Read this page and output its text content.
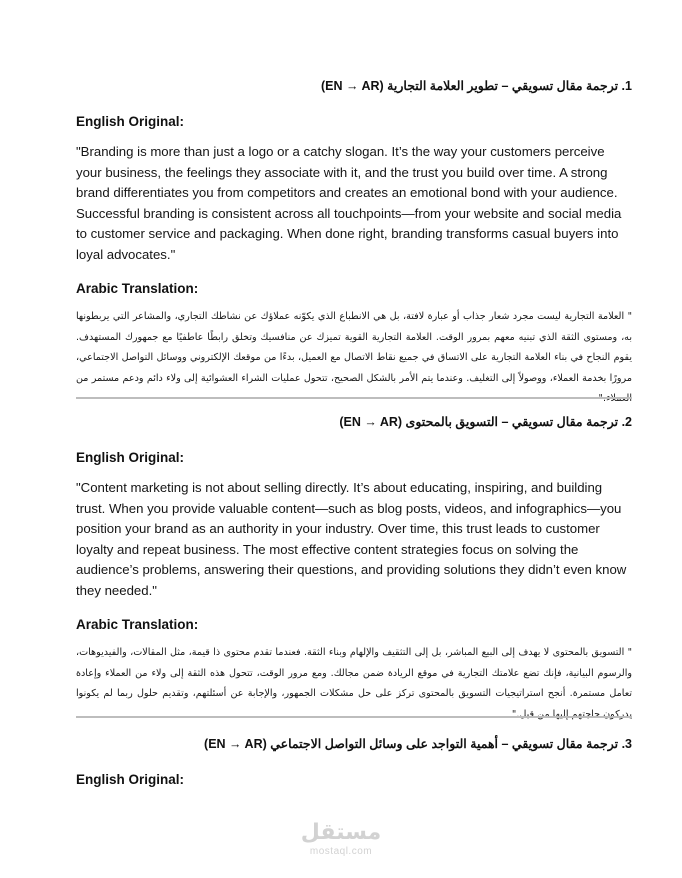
1. ترجمة مقال تسويقي – تطوير العلامة التجارية (EN → AR)

English Original:

"Branding is more than just a logo or a catchy slogan. It’s the way your customers perceive your business, the feelings they associate with it, and the trust you build over time. A strong brand differentiates you from competitors and creates an emotional bond with your audience. Successful branding is consistent across all touchpoints—from your website and social media to customer service and packaging. When done right, branding transforms casual buyers into loyal advocates."

Arabic Translation:

" العلامة التجارية ليست مجرد شعار جذاب أو عبارة لافتة، بل هي الانطباع الذي يكوّنه عملاؤك عن نشاطك التجاري، والمشاعر التي يربطونها به، ومستوى الثقة الذي تبنيه معهم بمرور الوقت. العلامة التجارية القوية تميزك عن منافسيك وتخلق رابطًا عاطفيًا مع جمهورك المستهدف. يقوم النجاح في بناء العلامة التجارية على الاتساق في جميع نقاط الاتصال مع العميل، بدءًا من موقعك الإلكتروني ووسائل التواصل الاجتماعي، مرورًا بخدمة العملاء، ووصولاً إلى التغليف. وعندما يتم الأمر بالشكل الصحيح، تتحول عمليات الشراء العشوائية إلى ولاء دائم ودعم مستمر من العملاء."

2. ترجمة مقال تسويقي – التسويق بالمحتوى (EN → AR)

English Original:

"Content marketing is not about selling directly. It’s about educating, inspiring, and building trust. When you provide valuable content—such as blog posts, videos, and infographics—you position your brand as an authority in your industry. Over time, this trust leads to customer loyalty and repeat business. The most effective content strategies focus on solving the audience’s problems, answering their questions, and providing solutions they didn’t even know they needed."

Arabic Translation:

" التسويق بالمحتوى لا يهدف إلى البيع المباشر، بل إلى التثقيف والإلهام وبناء الثقة. فعندما تقدم محتوى ذا قيمة، مثل المقالات، والفيديوهات، والرسوم البيانية، فإنك تضع علامتك التجارية في موقع الريادة ضمن مجالك. ومع مرور الوقت، تتحول هذه الثقة إلى ولاء من العملاء وإعادة تعامل مستمرة. أنجح استراتيجيات التسويق بالمحتوى تركز على حل مشكلات الجمهور، والإجابة عن أسئلتهم، وتقديم حلول ربما لم يكونوا يدركون حاجتهم إليها من قبل."

3. ترجمة مقال تسويقي – أهمية التواجد على وسائل التواصل الاجتماعي (EN → AR)

English Original:

مستقل
mostaql.com
